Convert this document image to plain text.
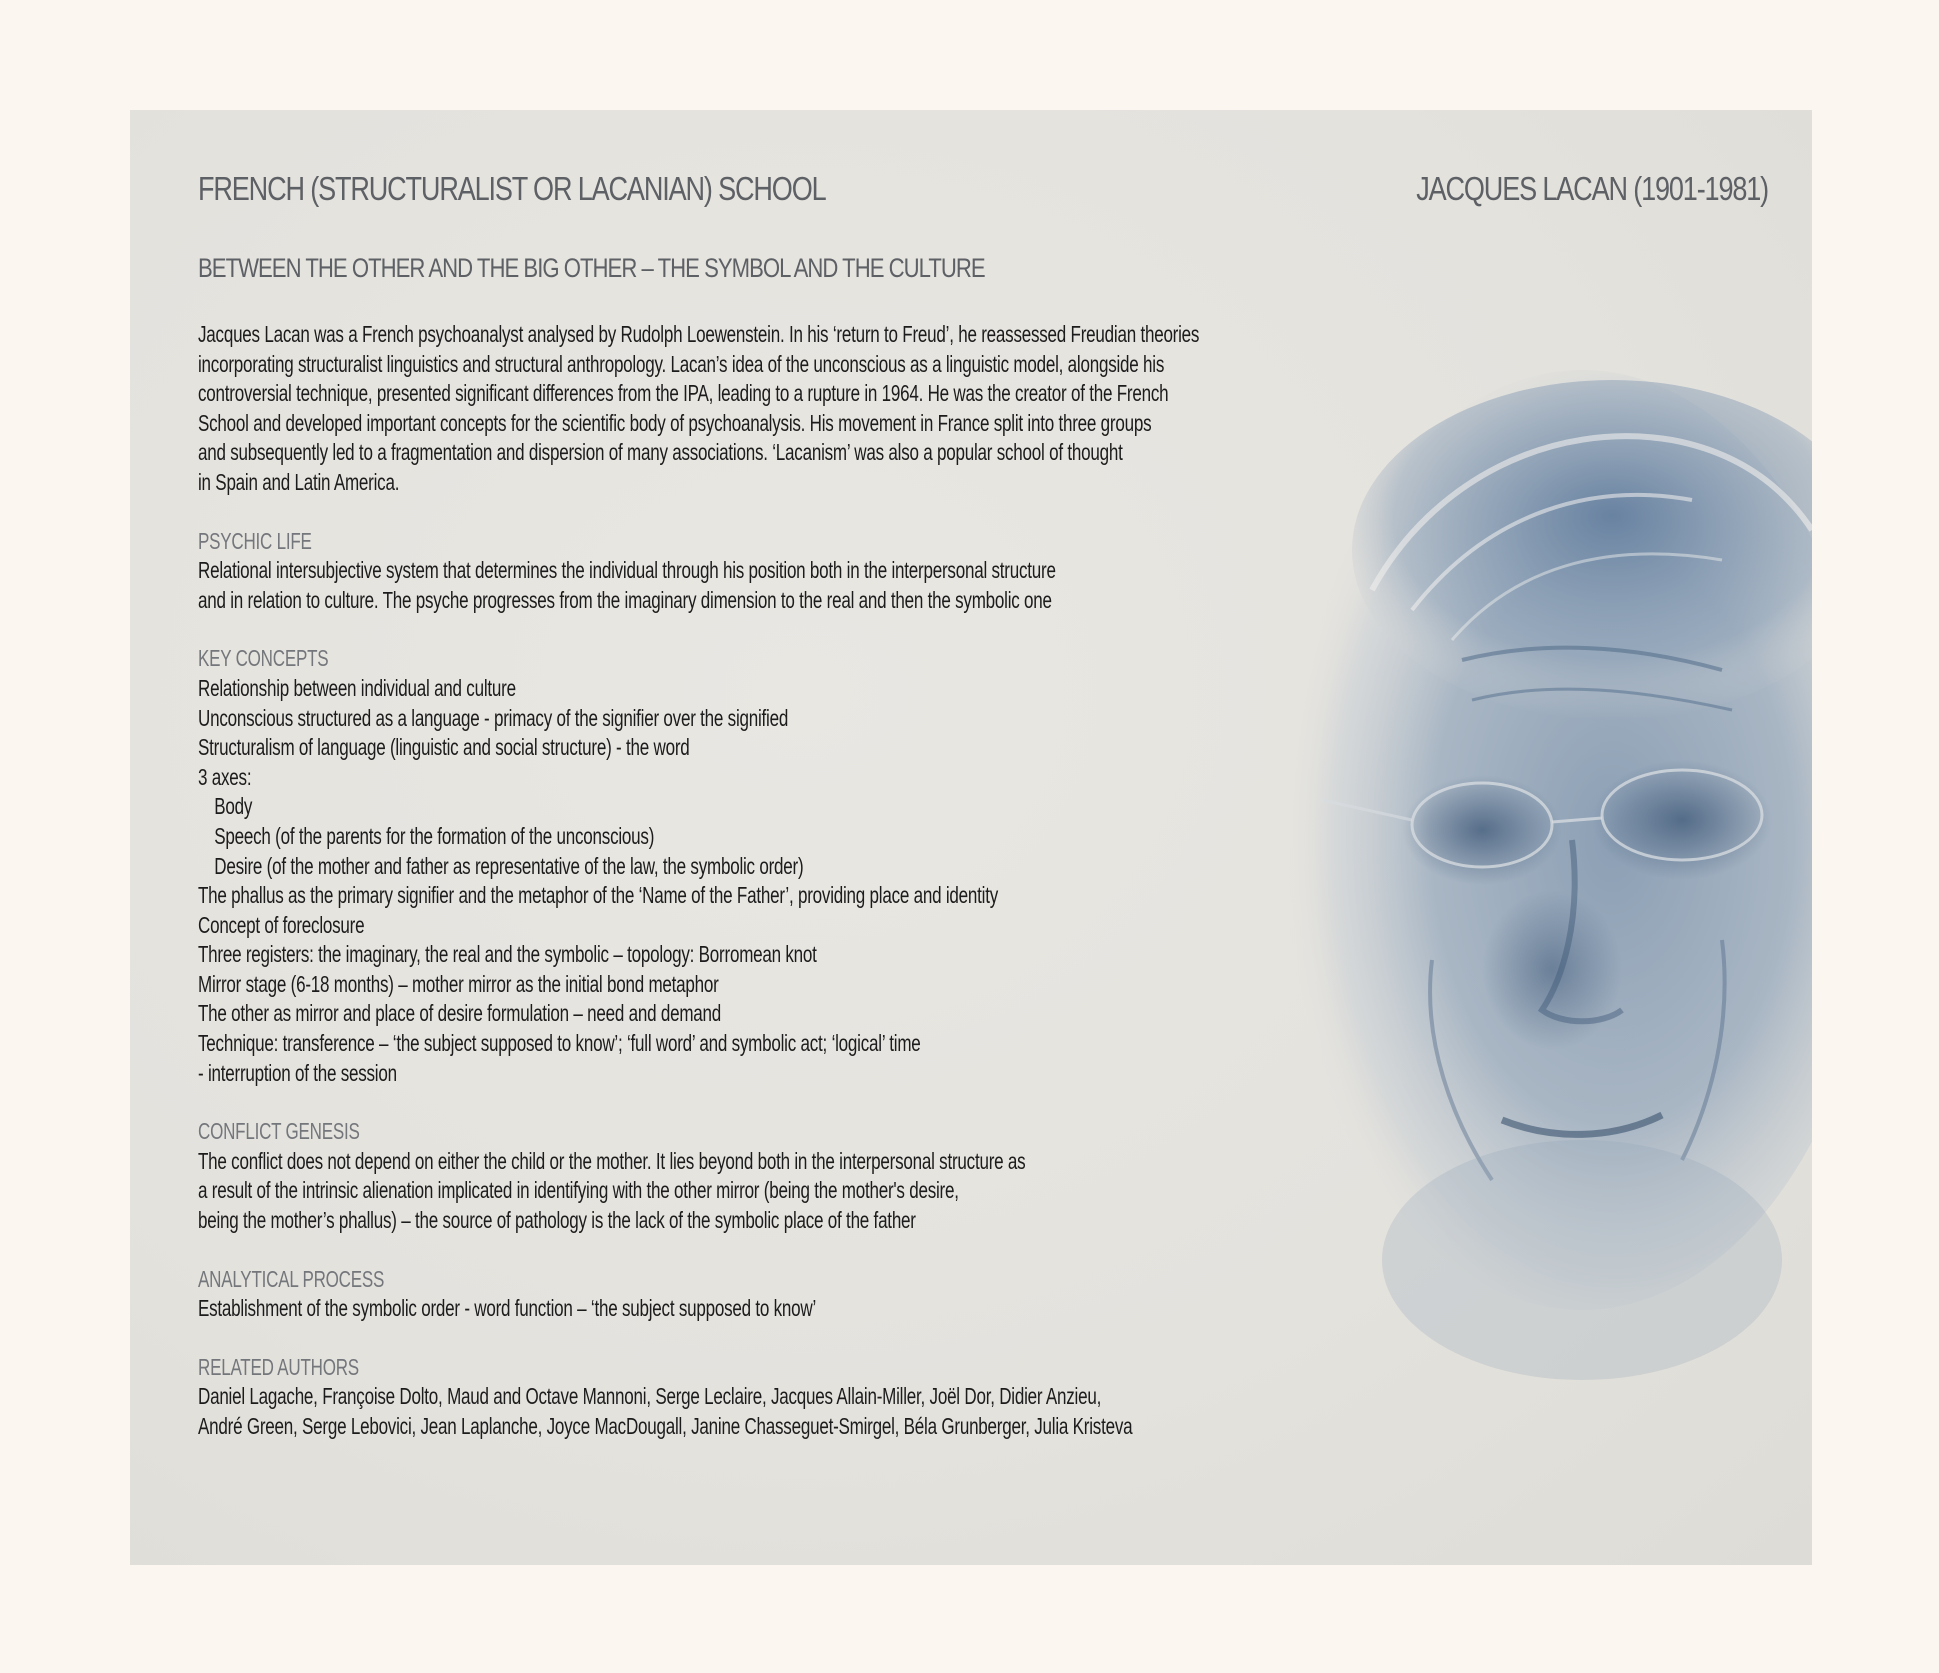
FRENCH (STRUCTURALIST OR LACANIAN) SCHOOL	JACQUES LACAN (1901-1981)
BETWEEN THE OTHER AND THE BIG OTHER – THE SYMBOL AND THE CULTURE
Jacques Lacan was a French psychoanalyst analysed by Rudolph Loewenstein. In his ‘return to Freud’, he reassessed Freudian theories
incorporating structuralist linguistics and structural anthropology. Lacan’s idea of the unconscious as a linguistic model, alongside his
controversial technique, presented significant differences from the IPA, leading to a rupture in 1964. He was the creator of the French
School and developed important concepts for the scientific body of psychoanalysis. His movement in France split into three groups
and subsequently led to a fragmentation and dispersion of many associations. ‘Lacanism’ was also a popular school of thought
in Spain and Latin America.
PSYCHIC LIFE
Relational intersubjective system that determines the individual through his position both in the interpersonal structure
and in relation to culture. The psyche progresses from the imaginary dimension to the real and then the symbolic one
KEY CONCEPTS
Relationship between individual and culture
Unconscious structured as a language - primacy of the signifier over the signified
Structuralism of language (linguistic and social structure) - the word
3 axes:
Body
Speech (of the parents for the formation of the unconscious)
Desire (of the mother and father as representative of the law, the symbolic order)
The phallus as the primary signifier and the metaphor of the ‘Name of the Father’, providing place and identity
Concept of foreclosure
Three registers: the imaginary, the real and the symbolic – topology: Borromean knot
Mirror stage (6-18 months) – mother mirror as the initial bond metaphor
The other as mirror and place of desire formulation – need and demand
Technique: transference – ‘the subject supposed to know’; ‘full word’ and symbolic act; ‘logical’ time
- interruption of the session
CONFLICT GENESIS
The conflict does not depend on either the child or the mother. It lies beyond both in the interpersonal structure as
a result of the intrinsic alienation implicated in identifying with the other mirror (being the mother's desire,
being the mother’s phallus) – the source of pathology is the lack of the symbolic place of the father
ANALYTICAL PROCESS
Establishment of the symbolic order - word function – ‘the subject supposed to know’
RELATED AUTHORS
Daniel Lagache, Françoise Dolto, Maud and Octave Mannoni, Serge Leclaire, Jacques Allain-Miller, Joël Dor, Didier Anzieu,
André Green, Serge Lebovici, Jean Laplanche, Joyce MacDougall, Janine Chasseguet-Smirgel, Béla Grunberger, Julia Kristeva
